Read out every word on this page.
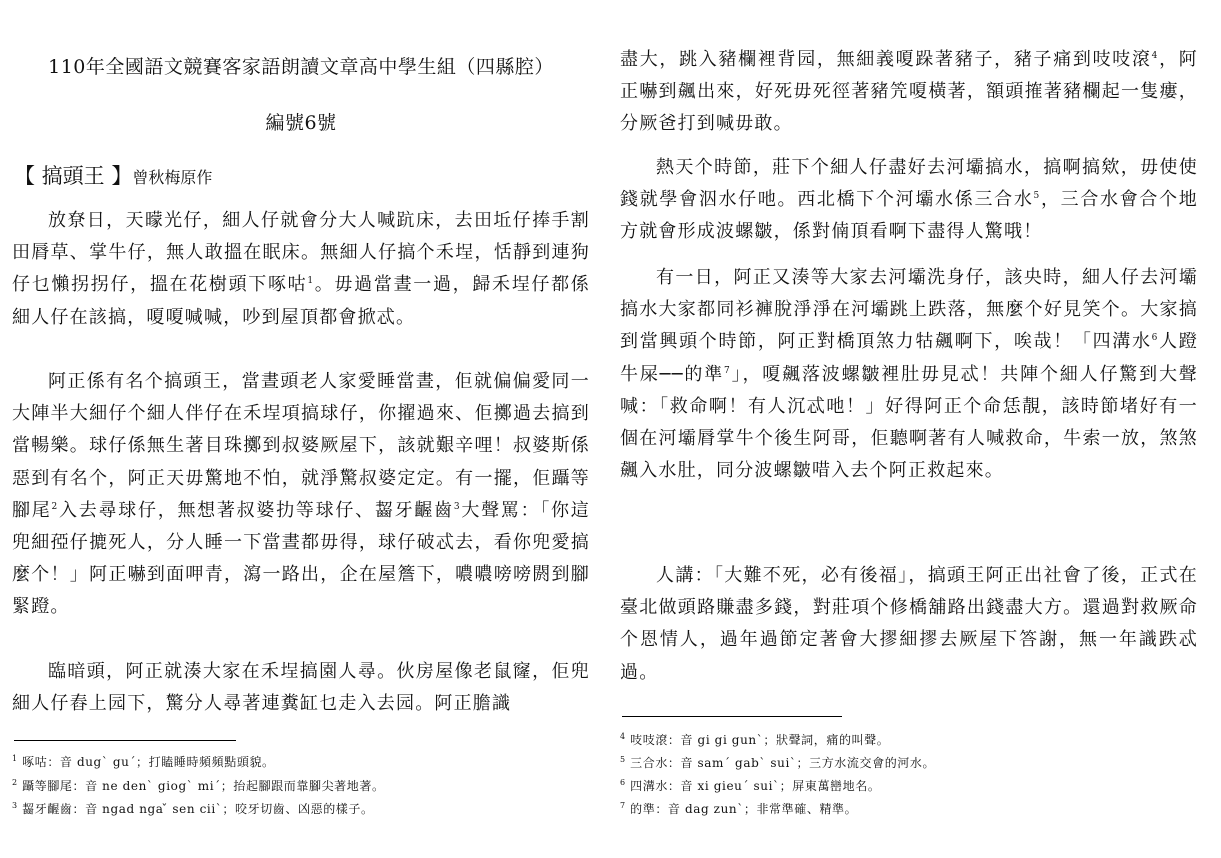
110年全國語文競賽客家語朗讀文章高中學生組（四縣腔）
編號6號
【 搞頭王 】曾秋梅原作

放尞日，天曚光仔，細人仔就會分大人喊䟘床，去田坵仔捧手割田脣草、掌牛仔，無人敢搵在眠床。無細人仔搞个禾埕，恬靜到連狗仔乜懶拐拐仔，搵在花樹頭下啄咕$^1$。毋過當晝一過，歸禾埕仔都係細人仔在該搞，嗄嗄喊喊，吵到屋頂都會掀忒。

阿正係有名个搞頭王，當晝頭老人家愛睡當晝，佢就偏偏愛同一大陣半大細仔个細人伴仔在禾埕項搞球仔，你擢過來、佢擲過去搞到當暢樂。球仔係無生著目珠擲到叔婆厥屋下，該就艱辛哩！叔婆斯係惡到有名个，阿正天毋驚地不怕，就淨驚叔婆定定。有一擺，佢躡等腳尾$^2$入去尋球仔，無想著叔婆扐等球仔、齧牙齷齒$^3$大聲罵：「你這兜細孲仔摝死人，分人睡一下當晝都毋得，球仔破忒去，看你兜愛搞麼个！」阿正嚇到面呷青，瀉一路出，企在屋簷下，噥噥嗙嗙閼到腳緊蹬。

臨暗頭，阿正就湊大家在禾埕搞園人尋。伙房屋像老鼠窿，佢兜細人仔舂上园下，驚分人尋著連糞缸乜走入去园。阿正膽識

$^1$ 啄咕：音 dug` gu´；打瞌睡時頻頻點頭貌。
$^2$ 躡等腳尾：音 ne den` giog` mi´；抬起腳跟而靠腳尖著地著。
$^3$ 齧牙齷齒：音 ngad nga ̌ sen cii`；咬牙切齒、凶惡的樣子。

盡大，跳入豬欄裡背园，無細義嗄跺著豬子，豬子痛到吱吱滾$^4$，阿正嚇到飆出來，好死毋死徑著豬笐嗄橫著，額頭搉著豬欄起一隻瘻，分厥爸打到喊毋敢。

熱天个時節，莊下个細人仔盡好去河壩搞水，搞啊搞欸，毋使使錢就學會泅水仔吔。西北橋下个河壩水係三合水$^5$，三合水會合个地方就會形成波螺皺，係對㑲頂看啊下盡得人驚哦！

有一日，阿正又湊等大家去河壩洗身仔，該央時，細人仔去河壩搞水大家都同衫褲脫淨淨在河壩跳上跌落，無麼个好見笑个。大家搞到當興頭个時節，阿正對橋頂煞力牯飆啊下，唉哉！「四溝水$^6$人蹬牛屎──的準$^7$」，嗄飆落波螺皺裡肚毋見忒！共陣个細人仔驚到大聲喊：「救命啊！有人沉忒吔！」好得阿正个命恁靚，該時節堵好有一個在河壩脣掌牛个後生阿哥，佢聽啊著有人喊救命，牛索一放，煞煞飆入水肚，同分波螺皺唶入去个阿正救起來。

人講：「大難不死，必有後福」，搞頭王阿正出社會了後，正式在臺北做頭路賺盡多錢，對莊項个修橋舖路出錢盡大方。還過對救厥命个恩情人，過年過節定著會大摎細摎去厥屋下答謝，無一年識跌忒過。

$^4$ 吱吱滾：音 gi gi gun`；狀聲詞，痛的叫聲。
$^5$ 三合水：音 sam´ gab` sui`；三方水流交會的河水。
$^6$ 四溝水：音 xi gieu´ sui`；屏東萬巒地名。
$^7$ 的準：音 dag zun`；非常準確、精準。
